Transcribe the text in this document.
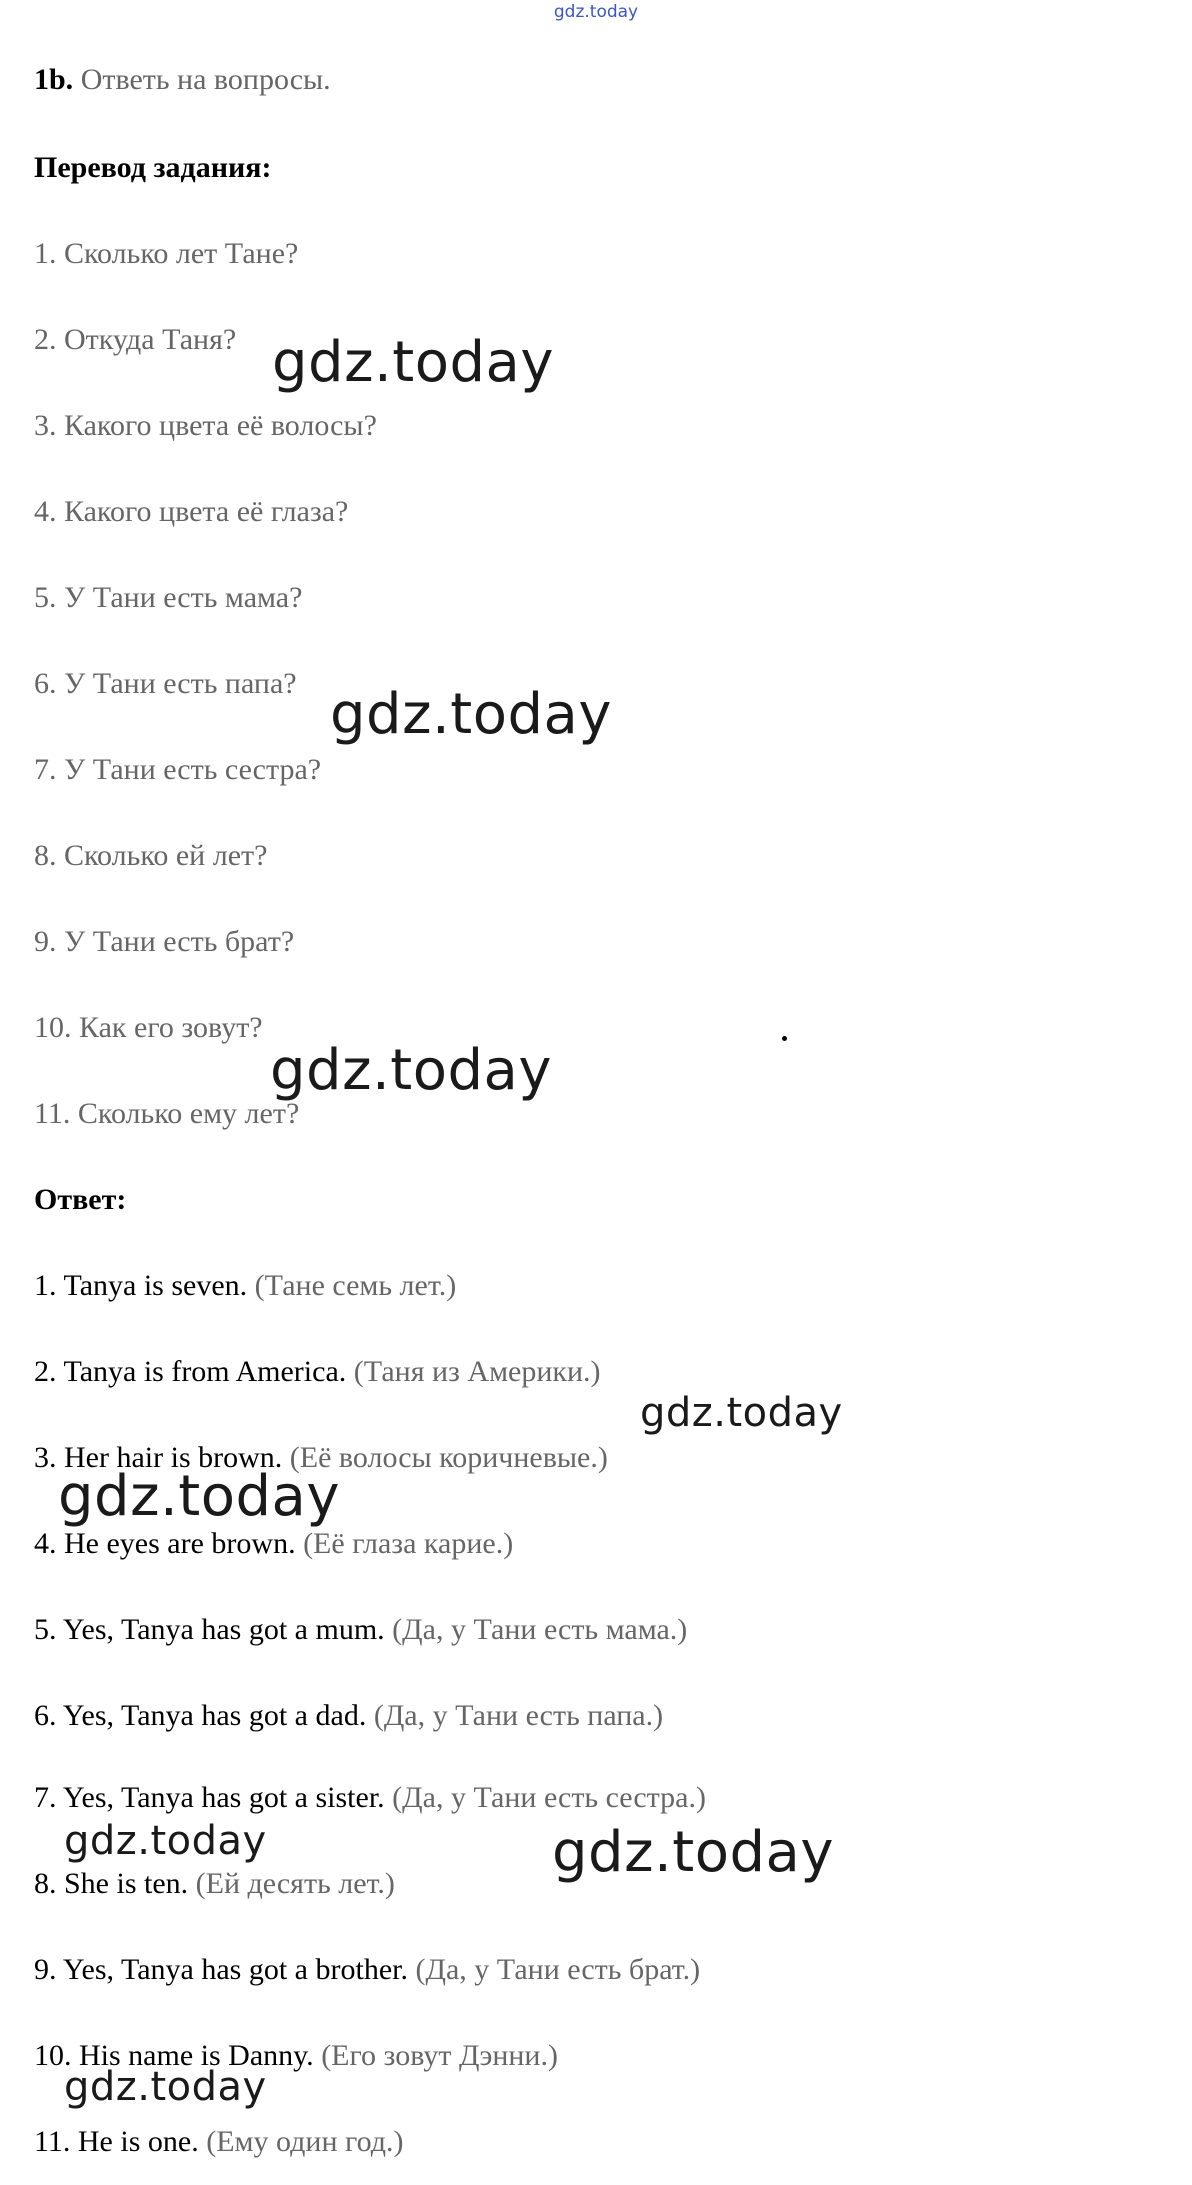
gdz.today
1b. Ответь на вопросы.
Перевод задания:
1. Сколько лет Тане?
2. Откуда Таня?
3. Какого цвета её волосы?
4. Какого цвета её глаза?
5. У Тани есть мама?
6. У Тани есть папа?
7. У Тани есть сестра?
8. Сколько ей лет?
9. У Тани есть брат?
10. Как его зовут?
11. Сколько ему лет?
Ответ:
1. Tanya is seven. (Тане семь лет.)
2. Tanya is from America. (Таня из Америки.)
3. Her hair is brown. (Её волосы коричневые.)
4. He eyes are brown. (Её глаза карие.)
5. Yes, Tanya has got a mum. (Да, у Тани есть мама.)
6. Yes, Tanya has got a dad. (Да, у Тани есть папа.)
7. Yes, Tanya has got a sister. (Да, у Тани есть сестра.)
8. She is ten. (Ей десять лет.)
9. Yes, Tanya has got a brother. (Да, у Тани есть брат.)
10. His name is Danny. (Его зовут Дэнни.)
11. He is one. (Ему один год.)
gdz.today
gdz.today
gdz.today
gdz.today
gdz.today
gdz.today	gdz.today
gdz.today
